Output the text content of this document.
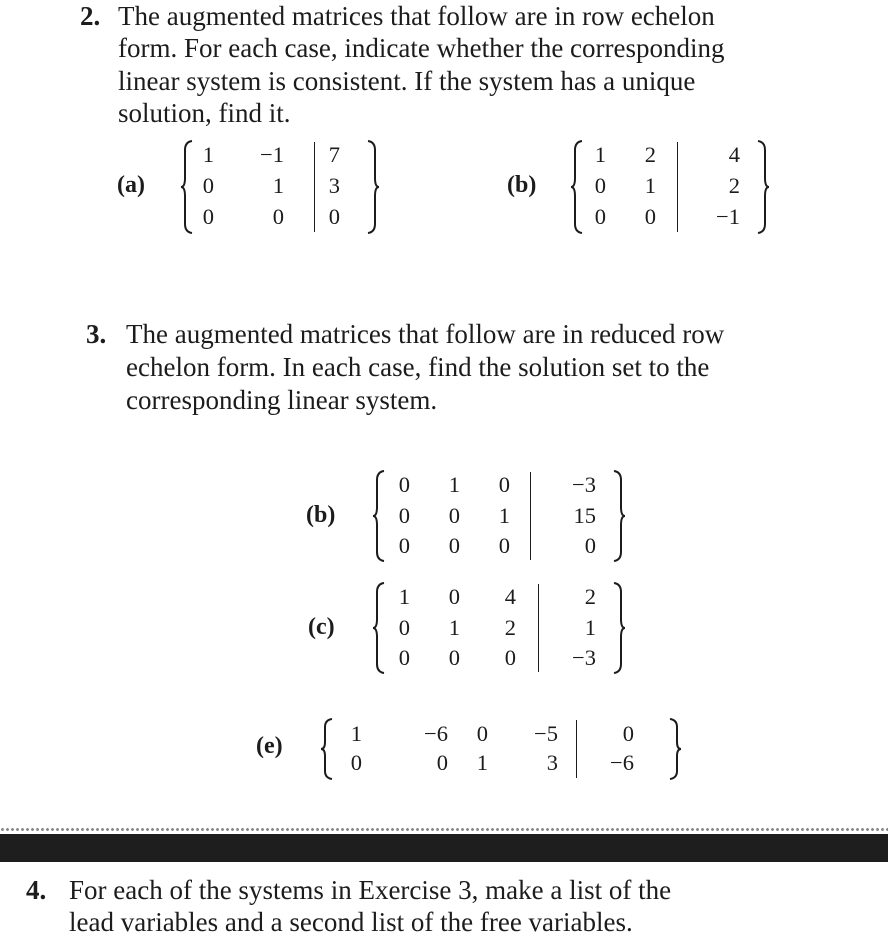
2. The augmented matrices that follow are in row echelon
form. For each case, indicate whether the corresponding
linear system is consistent. If the system has a unique
solution, find it.
(a)
1 −1 7
0	1 3
0	0 0
(b)
1 2	4
0 1	2
0 0	−1
3. The augmented matrices that follow are in reduced row
echelon form. In each case, find the solution set to the
corresponding linear system.
(b)
0 1 0	−3
0 0 1	15
0 0 0	0
(c)
1 0 4	2
0 1 2	1
0 0 0 −3
(e)	1	−6 0 −5	0
0	0 1	3 −6
4. For each of the systems in Exercise 3, make a list of the
lead variables and a second list of the free variables.
